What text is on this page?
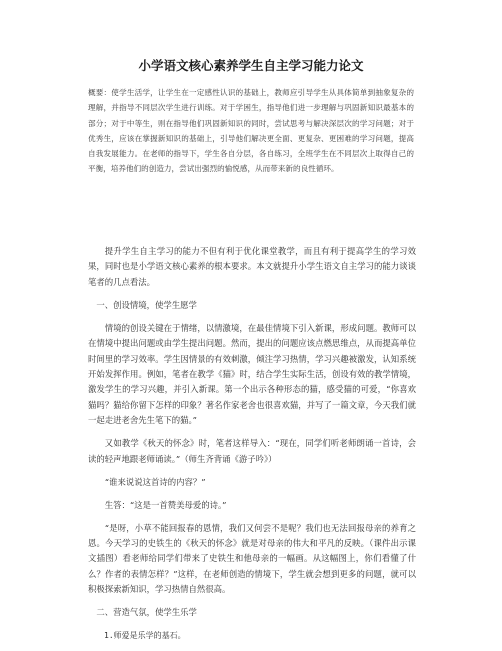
小学语文核心素养学生自主学习能力论文

概要：使学生活学，让学生在一定感性认识的基础上，教师应引导学生从具体简单到抽象复杂的理解，并指导不同层次学生进行训练。对于学困生，指导他们进一步理解与巩固新知识最基本的部分；对于中等生，则在指导他们巩固新知识的同时，尝试思考与解决深层次的学习问题；对于优秀生，应该在掌握新知识的基础上，引导他们解决更全面、更复杂、更困难的学习问题，提高自我发展能力。在老师的指导下，学生各自分层，各自练习，全班学生在不同层次上取得自己的平衡，培养他们的创造力，尝试出强烈的愉悦感，从而带来新的良性循环。

提升学生自主学习的能力不但有利于优化课堂教学，而且有利于提高学生的学习效果，同时也是小学语文核心素养的根本要求。本文就提升小学生语文自主学习的能力谈谈笔者的几点看法。

一、创设情境，使学生愿学

情境的创设关键在于情绪，以情激境，在最佳情境下引入新课，形成问题。教师可以在情境中提出问题或由学生提出问题。然而，提出的问题应该点燃思维点，从而提高单位时间里的学习效率。学生因情景的有效刺激，倾注学习热情，学习兴趣被激发，认知系统开始发挥作用。例如，笔者在教学《猫》时，结合学生实际生活，创设有效的教学情境，激发学生的学习兴趣，并引入新课。第一个出示各种形态的猫，感受猫的可爱，“你喜欢猫吗？猫给你留下怎样的印象？著名作家老舍也很喜欢猫，并写了一篇文章，今天我们就一起走进老舍先生笔下的猫。”

又如教学《秋天的怀念》时，笔者这样导入：“现在，同学们听老师朗诵一首诗，会读的轻声地跟老师诵读。”（师生齐背诵《游子吟》）

“谁来说说这首诗的内容？”

生答：“这是一首赞美母爱的诗。”

“是呀，小草不能回报春的恩情，我们又何尝不是呢？我们也无法回报母亲的养育之恩。今天学习的史铁生的《秋天的怀念》就是对母亲的伟大和平凡的反映。（课件出示课文插图）看老师给同学们带来了史铁生和他母亲的一幅画。从这幅图上，你们看懂了什么？作者的表情怎样？”这样，在老师创造的情境下，学生就会想到更多的问题，就可以积极探索新知识，学习热情自然很高。

二、营造气氛，使学生乐学

1.师爱是乐学的基石。
